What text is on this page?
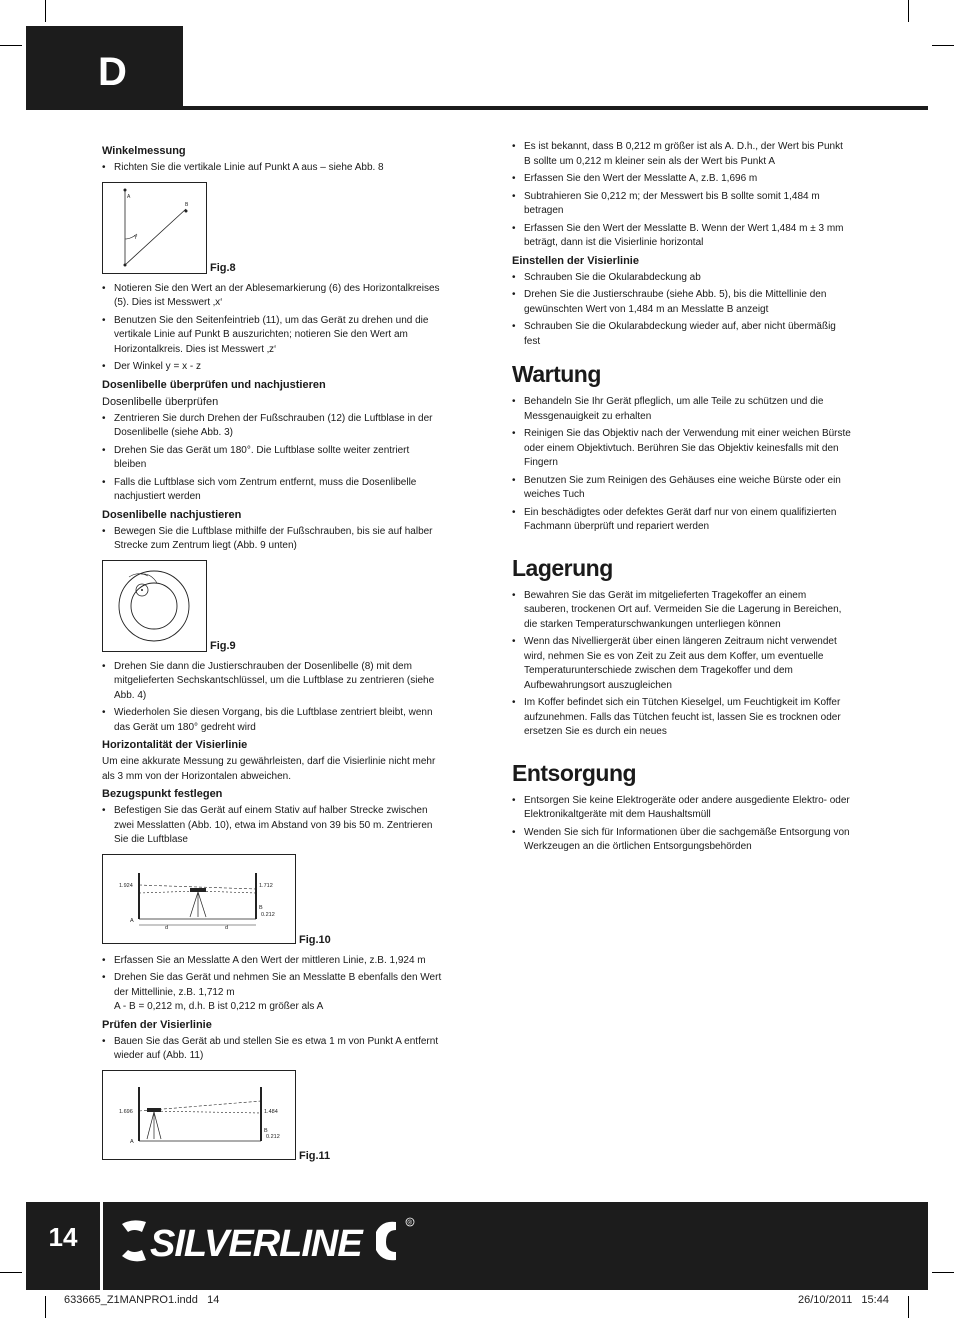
D
Winkelmessung
• Richten Sie die vertikale Linie auf Punkt A aus – siehe Abb. 8
A
B
Y
Fig.8
• Notieren Sie den Wert an der Ablesemarkierung (6) des Horizontalkreises (5). Dies ist Messwert ‚x‘
• Benutzen Sie den Seitenfeintrieb (11), um das Gerät zu drehen und die vertikale Linie auf Punkt B auszurichten; notieren Sie den Wert am Horizontalkreis. Dies ist Messwert ‚z‘
• Der Winkel y = x - z
Dosenlibelle überprüfen und nachjustieren
Dosenlibelle überprüfen
• Zentrieren Sie durch Drehen der Fußschrauben (12) die Luftblase in der Dosenlibelle (siehe Abb. 3)
• Drehen Sie das Gerät um 180°. Die Luftblase sollte weiter zentriert bleiben
• Falls die Luftblase sich vom Zentrum entfernt, muss die Dosenlibelle nachjustiert werden
Dosenlibelle nachjustieren
• Bewegen Sie die Luftblase mithilfe der Fußschrauben, bis sie auf halber Strecke zum Zentrum liegt (Abb. 9 unten)
Fig.9
• Drehen Sie dann die Justierschrauben der Dosenlibelle (8) mit dem mitgelieferten Sechskantschlüssel, um die Luftblase zu zentrieren (siehe Abb. 4)
• Wiederholen Sie diesen Vorgang, bis die Luftblase zentriert bleibt, wenn das Gerät um 180° gedreht wird
Horizontalität der Visierlinie

Um eine akkurate Messung zu gewährleisten, darf die Visierlinie nicht mehr als 3 mm von der Horizontalen abweichen.

Bezugspunkt festlegen
• Befestigen Sie das Gerät auf einem Stativ auf halber Strecke zwischen zwei Messlatten (Abb. 10), etwa im Abstand von 39 bis 50 m. Zentrieren Sie die Luftblase
1.924	1.712
0.212
A
B
d	d
Fig.10
• Erfassen Sie an Messlatte A den Wert der mittleren Linie, z.B. 1,924 m
• Drehen Sie das Gerät und nehmen Sie an Messlatte B ebenfalls den Wert der Mittellinie, z.B. 1,712 m
A - B = 0,212 m, d.h. B ist 0,212 m größer als A
Prüfen der Visierlinie
• Bauen Sie das Gerät ab und stellen Sie es etwa 1 m von Punkt A entfernt wieder auf (Abb. 11)
1.696	1.484
0.212
A
B
Fig.11
• Es ist bekannt, dass B 0,212 m größer ist als A. D.h., der Wert bis Punkt B sollte um 0,212 m kleiner sein als der Wert bis Punkt A
• Erfassen Sie den Wert der Messlatte A, z.B. 1,696 m
• Subtrahieren Sie 0,212 m; der Messwert bis B sollte somit 1,484 m betragen
• Erfassen Sie den Wert der Messlatte B. Wenn der Wert 1,484 m ± 3 mm beträgt, dann ist die Visierlinie horizontal
Einstellen der Visierlinie
• Schrauben Sie die Okularabdeckung ab
• Drehen Sie die Justierschraube (siehe Abb. 5), bis die Mittellinie den gewünschten Wert von 1,484 m an Messlatte B anzeigt
• Schrauben Sie die Okularabdeckung wieder auf, aber nicht übermäßig fest
Wartung
• Behandeln Sie Ihr Gerät pfleglich, um alle Teile zu schützen und die Messgenauigkeit zu erhalten
• Reinigen Sie das Objektiv nach der Verwendung mit einer weichen Bürste oder einem Objektivtuch. Berühren Sie das Objektiv keinesfalls mit den Fingern
• Benutzen Sie zum Reinigen des Gehäuses eine weiche Bürste oder ein weiches Tuch
• Ein beschädigtes oder defektes Gerät darf nur von einem qualifizierten Fachmann überprüft und repariert werden
Lagerung
• Bewahren Sie das Gerät im mitgelieferten Tragekoffer an einem sauberen, trockenen Ort auf. Vermeiden Sie die Lagerung in Bereichen, die starken Temperaturschwankungen unterliegen können
• Wenn das Nivelliergerät über einen längeren Zeitraum nicht verwendet wird, nehmen Sie es von Zeit zu Zeit aus dem Koffer, um eventuelle Temperaturunterschiede zwischen dem Tragekoffer und dem Aufbewahrungsort auszugleichen
• Im Koffer befindet sich ein Tütchen Kieselgel, um Feuchtigkeit im Koffer aufzunehmen. Falls das Tütchen feucht ist, lassen Sie es trocknen oder ersetzen Sie es durch ein neues
Entsorgung
• Entsorgen Sie keine Elektrogeräte oder andere ausgediente Elektro- oder Elektronikaltgeräte mit dem Haushaltsmüll
• Wenden Sie sich für Informationen über die sachgemäße Entsorgung von Werkzeugen an die örtlichen Entsorgungsbehörden
14	SILVERLINE	®
633665_Z1MANPRO1.indd   14	26/10/2011   15:44
